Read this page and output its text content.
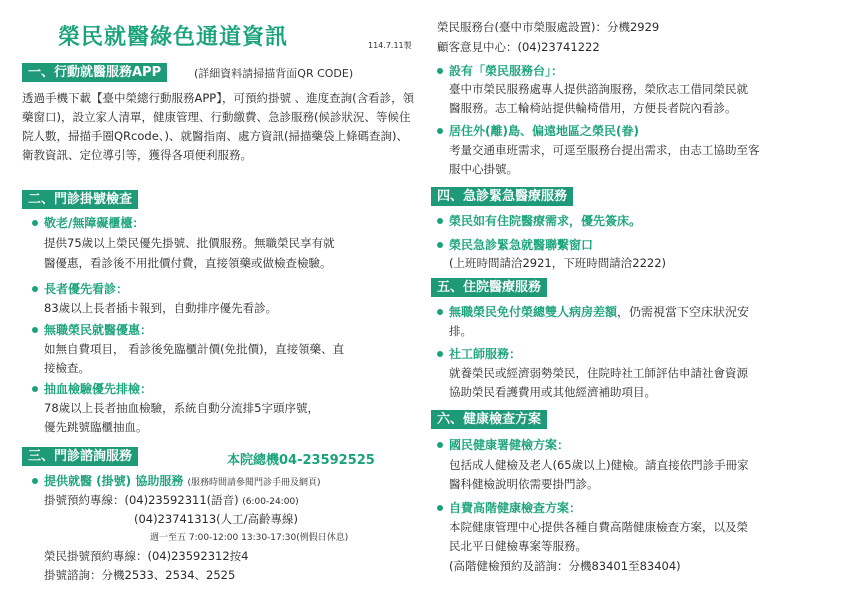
榮民就醫綠色通道資訊	114.7.11製
一、行動就醫服務APP	(詳細資料請掃描背面QR CODE)
透過手機下載【臺中榮總行動服務APP】，可預約掛號 、進度查詢(含看診，領藥窗口)，設立家人清單，健康管理、行動繳費、急診服務(候診狀況、等候住院人數，掃描手圈QRcode、)、就醫指南、處方資訊(掃描藥袋上條碼查詢)、衛教資訊、定位導引等，獲得各項便利服務。
二、門診掛號檢查
敬老/無障礙櫃檯：
提供75歲以上榮民優先掛號、批價服務。無職榮民享有就
醫優惠，看診後不用批價付費，直接領藥或做檢查檢驗。
長者優先看診：
83歲以上長者插卡報到，自動排序優先看診。
無職榮民就醫優惠：
如無自費項目， 看診後免臨櫃計價(免批價)，直接領藥、直
接檢查。
抽血檢驗優先排檢：
78歲以上長者抽血檢驗，系統自動分流排5字頭序號，
優先跳號臨櫃抽血。
三、門診諮詢服務	本院總機04-23592525
提供就醫 (掛號) 協助服務 (服務時間請參閱門診手冊及網頁)
掛號預約專線：(04)23592311(語音) (6:00-24:00)
(04)23741313(人工/高齡專線)
週一至五 7:00-12:00 13:30-17:30(例假日休息)
榮民掛號預約專線：(04)23592312按4
掛號諮詢：分機2533、2534、2525
榮民服務台(臺中市榮服處設置)：分機2929
顧客意見中心：(04)23741222
設有「榮民服務台」：
臺中市榮民服務處專人提供諮詢服務，榮欣志工借同榮民就
醫服務。志工輪椅站提供輪椅借用，方便長者院內看診。
居住外(離)島、偏遠地區之榮民(眷)
考量交通車班需求，可逕至服務台提出需求，由志工協助至客
服中心掛號。
四、急診緊急醫療服務
榮民如有住院醫療需求，優先簽床。
榮民急診緊急就醫聯繫窗口
(上班時間請洽2921，下班時間請洽2222)
五、住院醫療服務
無職榮民免付榮總雙人病房差額，仍需視當下空床狀況安
排。
社工師服務：
就養榮民或經濟弱勢榮民，住院時社工師評估申請社會資源
協助榮民看護費用或其他經濟補助項目。
六、健康檢查方案
國民健康署健檢方案：
包括成人健檢及老人(65歲以上)健檢。請直接依門診手冊家
醫科健檢說明依需要掛門診。
自費高階健康檢查方案：
本院健康管理中心提供各種自費高階健康檢查方案，以及榮
民北平日健檢專案等服務。
(高階健檢預約及諮詢：分機83401至83404)
